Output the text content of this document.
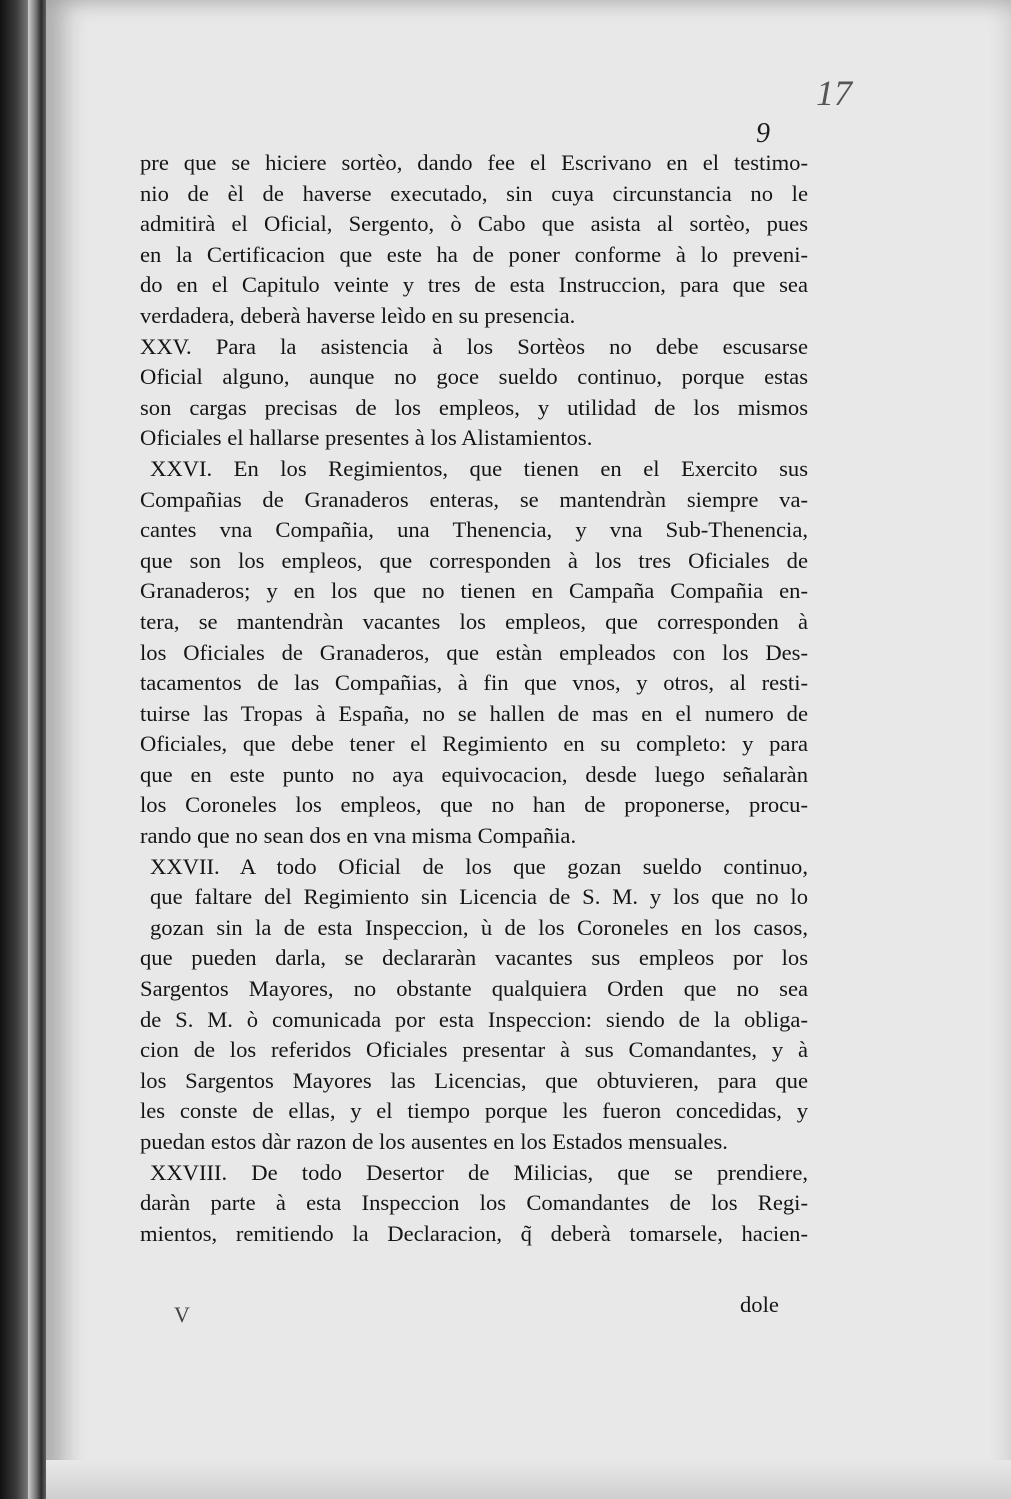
17
9
pre que se hiciere sortèo, dando fee el Escrivano en el testimo-
nio de èl de haverse executado, sin cuya circunstancia no le
admitirà el Oficial, Sergento, ò Cabo que asista al sortèo, pues
en la Certificacion que este ha de poner conforme à lo preveni-
do en el Capitulo veinte y tres de esta Instruccion, para que sea
verdadera, deberà haverse leìdo en su presencia.
XXV. Para la asistencia à los Sortèos no debe escusarse
Oficial alguno, aunque no goce sueldo continuo, porque estas
son cargas precisas de los empleos, y utilidad de los mismos
Oficiales el hallarse presentes à los Alistamientos.
XXVI. En los Regimientos, que tienen en el Exercito sus
Compañias de Granaderos enteras, se mantendràn siempre va-
cantes vna Compañia, una Thenencia, y vna Sub-Thenencia,
que son los empleos, que corresponden à los tres Oficiales de
Granaderos; y en los que no tienen en Campaña Compañia en-
tera, se mantendràn vacantes los empleos, que corresponden à
los Oficiales de Granaderos, que estàn empleados con los Des-
tacamentos de las Compañias, à fin que vnos, y otros, al resti-
tuirse las Tropas à España, no se hallen de mas en el numero de
Oficiales, que debe tener el Regimiento en su completo: y para
que en este punto no aya equivocacion, desde luego señalaràn
los Coroneles los empleos, que no han de proponerse, procu-
rando que no sean dos en vna misma Compañia.
XXVII. A todo Oficial de los que gozan sueldo continuo,
que faltare del Regimiento sin Licencia de S. M. y los que no lo
gozan sin la de esta Inspeccion, ù de los Coroneles en los casos,
que pueden darla, se declararàn vacantes sus empleos por los
Sargentos Mayores, no obstante qualquiera Orden que no sea
de S. M. ò comunicada por esta Inspeccion: siendo de la obliga-
cion de los referidos Oficiales presentar à sus Comandantes, y à
los Sargentos Mayores las Licencias, que obtuvieren, para que
les conste de ellas, y el tiempo porque les fueron concedidas, y
puedan estos dàr razon de los ausentes en los Estados mensuales.
XXVIII. De todo Desertor de Milicias, que se prendiere,
daràn parte à esta Inspeccion los Comandantes de los Regi-
mientos, remitiendo la Declaracion, q̃ deberà tomarsele, hacien-
dole
V
